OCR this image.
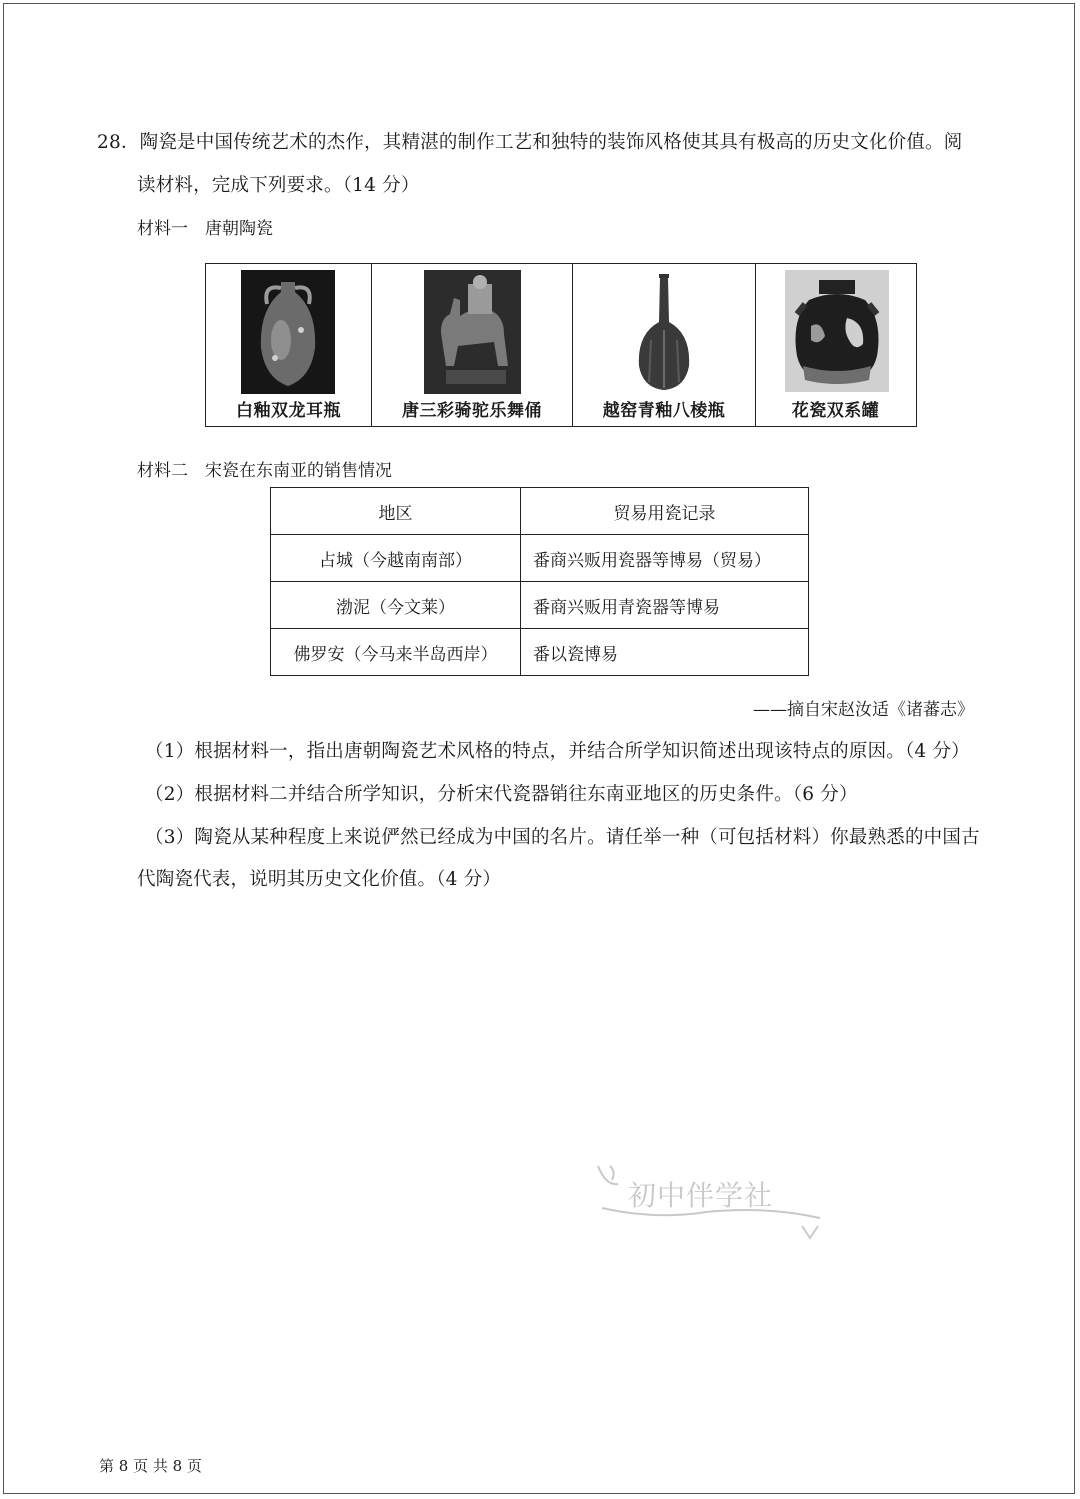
28．陶瓷是中国传统艺术的杰作，其精湛的制作工艺和独特的装饰风格使其具有极高的历史文化价值。阅
读材料，完成下列要求。（14 分）
材料一　唐朝陶瓷
白釉双龙耳瓶	唐三彩骑驼乐舞俑	越窑青釉八棱瓶	花瓷双系罐
材料二　宋瓷在东南亚的销售情况
地区	贸易用瓷记录
占城（今越南南部）	番商兴贩用瓷器等博易（贸易）
渤泥（今文莱）	番商兴贩用青瓷器等博易
佛罗安（今马来半岛西岸）	番以瓷博易
——摘自宋赵汝适《诸蕃志》
（1）根据材料一，指出唐朝陶瓷艺术风格的特点，并结合所学知识简述出现该特点的原因。（4 分）
（2）根据材料二并结合所学知识，分析宋代瓷器销往东南亚地区的历史条件。（6 分）
（3）陶瓷从某种程度上来说俨然已经成为中国的名片。请任举一种（可包括材料）你最熟悉的中国古
代陶瓷代表，说明其历史文化价值。（4 分）
初中伴学社
第 8 页 共 8 页
